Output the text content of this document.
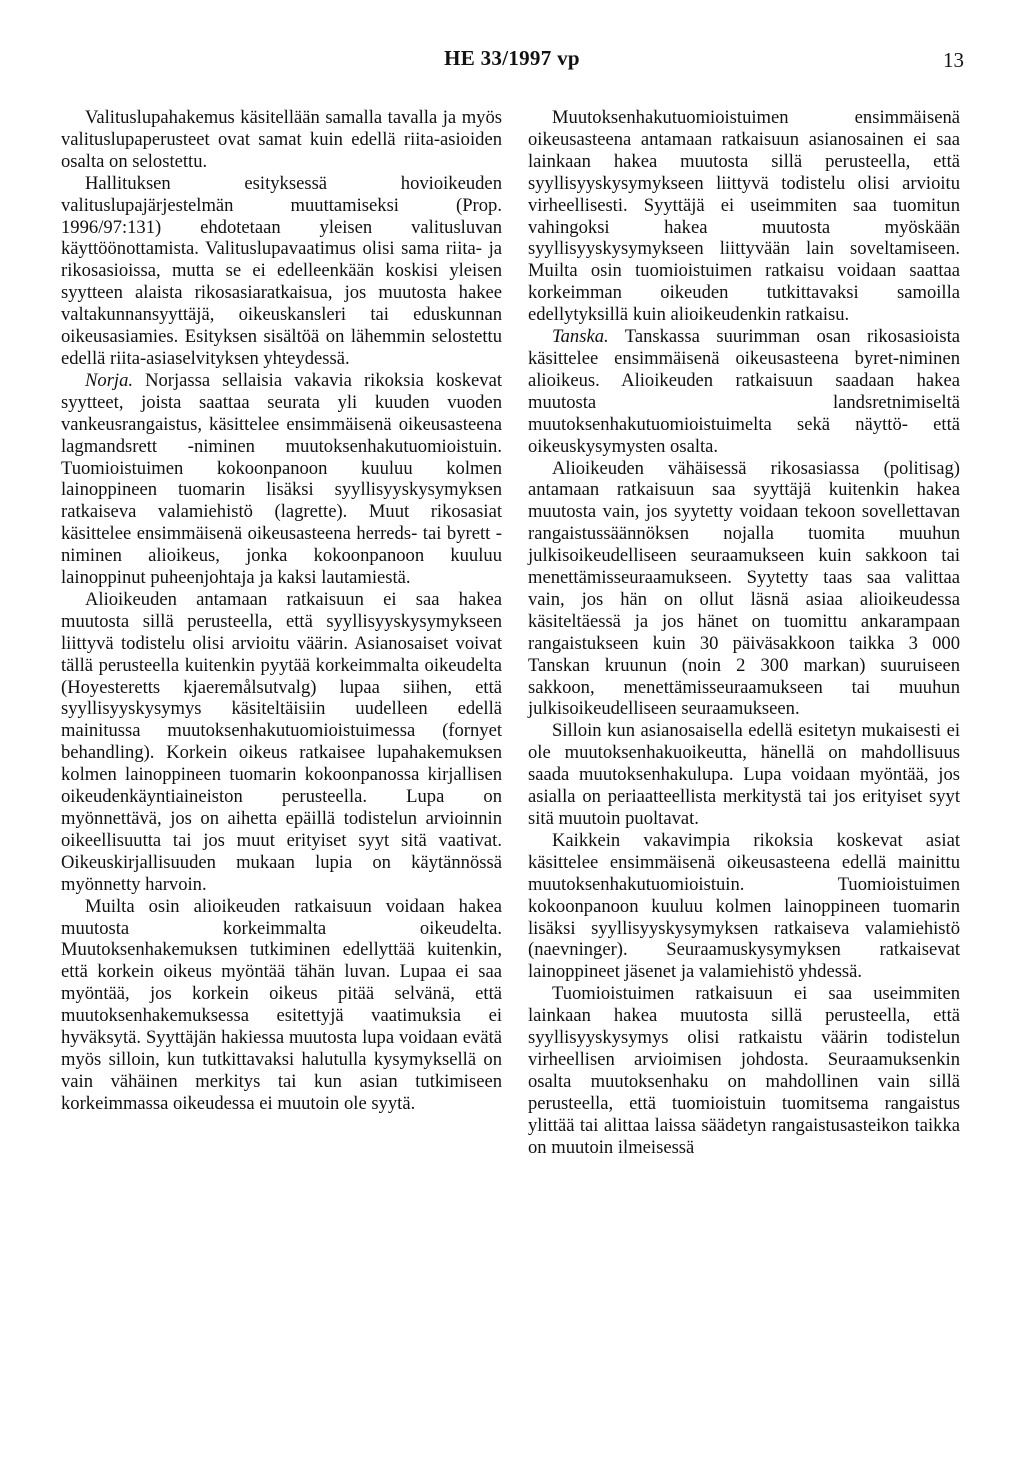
HE 33/1997 vp	13

Valituslupahakemus käsitellään samalla tavalla ja myös valituslupaperusteet ovat samat kuin edellä riita-asioiden osalta on selostettu.

Hallituksen esityksessä hovioikeuden valituslupajärjestelmän muuttamiseksi (Prop. 1996/97:131) ehdotetaan yleisen valitusluvan käyttöönottamista. Valituslupavaatimus olisi sama riita- ja rikosasioissa, mutta se ei edelleenkään koskisi yleisen syytteen alaista rikosasiaratkaisua, jos muutosta hakee valtakunnansyyttäjä, oikeuskansleri tai eduskunnan oikeusasiamies. Esityksen sisältöä on lähemmin selostettu edellä riita-asiaselvityksen yhteydessä.

Norja. Norjassa sellaisia vakavia rikoksia koskevat syytteet, joista saattaa seurata yli kuuden vuoden vankeusrangaistus, käsittelee ensimmäisenä oikeusasteena lagmandsrett -niminen muutoksenhakutuomioistuin. Tuomioistuimen kokoonpanoon kuuluu kolmen lainoppineen tuomarin lisäksi syyllisyyskysymyksen ratkaiseva valamiehistö (lagrette). Muut rikosasiat käsittelee ensimmäisenä oikeusasteena herreds- tai byrett -niminen alioikeus, jonka kokoonpanoon kuuluu lainoppinut puheenjohtaja ja kaksi lautamiestä.

Alioikeuden antamaan ratkaisuun ei saa hakea muutosta sillä perusteella, että syyllisyyskysymykseen liittyvä todistelu olisi arvioitu väärin. Asianosaiset voivat tällä perusteella kuitenkin pyytää korkeimmalta oikeudelta (Hoyesteretts kjaeremålsutvalg) lupaa siihen, että syyllisyyskysymys käsiteltäisiin uudelleen edellä mainitussa muutoksenhakutuomioistuimessa (fornyet behandling). Korkein oikeus ratkaisee lupahakemuksen kolmen lainoppineen tuomarin kokoonpanossa kirjallisen oikeudenkäyntiaineiston perusteella. Lupa on myönnettävä, jos on aihetta epäillä todistelun arvioinnin oikeellisuutta tai jos muut erityiset syyt sitä vaativat. Oikeuskirjallisuuden mukaan lupia on käytännössä myönnetty harvoin.

Muilta osin alioikeuden ratkaisuun voidaan hakea muutosta korkeimmalta oikeudelta. Muutoksenhakemuksen tutkiminen edellyttää kuitenkin, että korkein oikeus myöntää tähän luvan. Lupaa ei saa myöntää, jos korkein oikeus pitää selvänä, että muutoksenhakemuksessa esitettyjä vaatimuksia ei hyväksytä. Syyttäjän hakiessa muutosta lupa voidaan evätä myös silloin, kun tutkittavaksi halutulla kysymyksellä on vain vähäinen merkitys tai kun asian tutkimiseen korkeimmassa oikeudessa ei muutoin ole syytä.

Muutoksenhakutuomioistuimen ensimmäisenä oikeusasteena antamaan ratkaisuun asianosainen ei saa lainkaan hakea muutosta sillä perusteella, että syyllisyyskysymykseen liittyvä todistelu olisi arvioitu virheellisesti. Syyttäjä ei useimmiten saa tuomitun vahingoksi hakea muutosta myöskään syyllisyyskysymykseen liittyvään lain soveltamiseen. Muilta osin tuomioistuimen ratkaisu voidaan saattaa korkeimman oikeuden tutkittavaksi samoilla edellytyksillä kuin alioikeudenkin ratkaisu.

Tanska. Tanskassa suurimman osan rikosasioista käsittelee ensimmäisenä oikeusasteena byret-niminen alioikeus. Alioikeuden ratkaisuun saadaan hakea muutosta landsretnimiseltä muutoksenhakutuomioistuimelta sekä näyttö- että oikeuskysymysten osalta.

Alioikeuden vähäisessä rikosasiassa (politisag) antamaan ratkaisuun saa syyttäjä kuitenkin hakea muutosta vain, jos syytetty voidaan tekoon sovellettavan rangaistussäännöksen nojalla tuomita muuhun julkisoikeudelliseen seuraamukseen kuin sakkoon tai menettämisseuraamukseen. Syytetty taas saa valittaa vain, jos hän on ollut läsnä asiaa alioikeudessa käsiteltäessä ja jos hänet on tuomittu ankarampaan rangaistukseen kuin 30 päiväsakkoon taikka 3 000 Tanskan kruunun (noin 2 300 markan) suuruiseen sakkoon, menettämisseuraamukseen tai muuhun julkisoikeudelliseen seuraamukseen.

Silloin kun asianosaisella edellä esitetyn mukaisesti ei ole muutoksenhakuoikeutta, hänellä on mahdollisuus saada muutoksenhakulupa. Lupa voidaan myöntää, jos asialla on periaatteellista merkitystä tai jos erityiset syyt sitä muutoin puoltavat.

Kaikkein vakavimpia rikoksia koskevat asiat käsittelee ensimmäisenä oikeusasteena edellä mainittu muutoksenhakutuomioistuin. Tuomioistuimen kokoonpanoon kuuluu kolmen lainoppineen tuomarin lisäksi syyllisyyskysymyksen ratkaiseva valamiehistö (naevninger). Seuraamuskysymyksen ratkaisevat lainoppineet jäsenet ja valamiehistö yhdessä.

Tuomioistuimen ratkaisuun ei saa useimmiten lainkaan hakea muutosta sillä perusteella, että syyllisyyskysymys olisi ratkaistu väärin todistelun virheellisen arvioimisen johdosta. Seuraamuksenkin osalta muutoksenhaku on mahdollinen vain sillä perusteella, että tuomioistuin tuomitsema rangaistus ylittää tai alittaa laissa säädetyn rangaistusasteikon taikka on muutoin ilmeisessä
